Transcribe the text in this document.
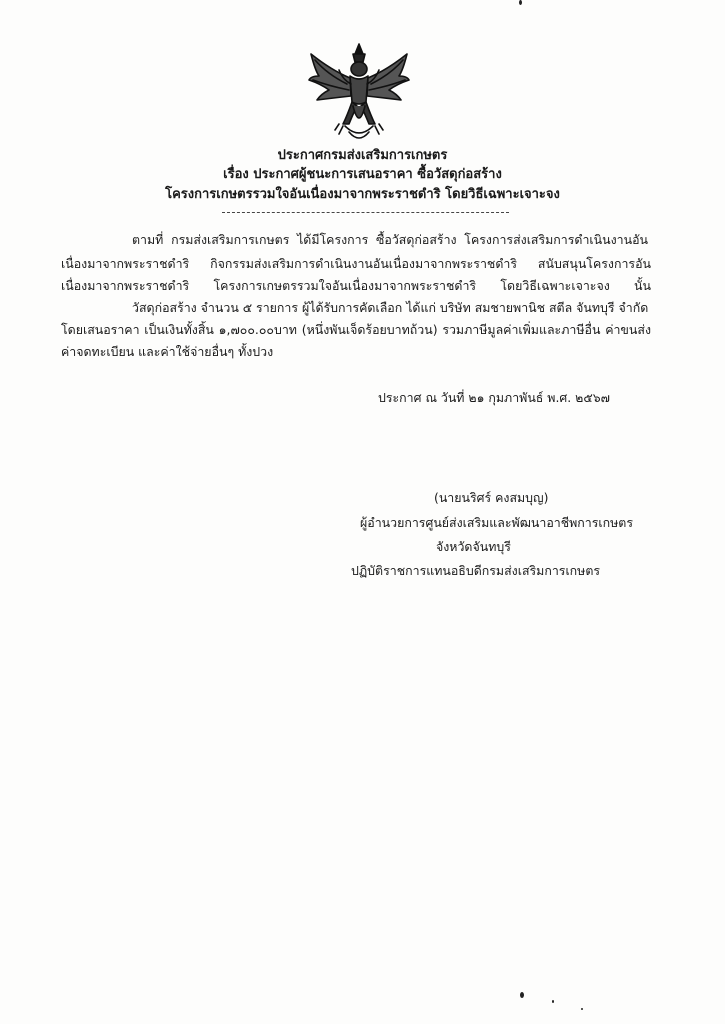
ประกาศกรมส่งเสริมการเกษตร
เรื่อง ประกาศผู้ชนะการเสนอราคา ซื้อวัสดุก่อสร้าง
โครงการเกษตรรวมใจอันเนื่องมาจากพระราชดำริ โดยวิธีเฉพาะเจาะจง
ตามที่ กรมส่งเสริมการเกษตร ได้มีโครงการ ซื้อวัสดุก่อสร้าง โครงการส่งเสริมการดำเนินงานอัน
เนื่องมาจากพระราชดำริ กิจกรรมส่งเสริมการดำเนินงานอันเนื่องมาจากพระราชดำริ สนับสนุนโครงการอัน
เนื่องมาจากพระราชดำริ โครงการเกษตรรวมใจอันเนื่องมาจากพระราชดำริ โดยวิธีเฉพาะเจาะจง นั้น
วัสดุก่อสร้าง จำนวน ๕ รายการ ผู้ได้รับการคัดเลือก ได้แก่ บริษัท สมชายพานิช สตีล จันทบุรี จำกัด
โดยเสนอราคา เป็นเงินทั้งสิ้น ๑,๗๐๐.๐๐บาท (หนึ่งพันเจ็ดร้อยบาทถ้วน) รวมภาษีมูลค่าเพิ่มและภาษีอื่น ค่าขนส่ง
ค่าจดทะเบียน และค่าใช้จ่ายอื่นๆ ทั้งปวง
ประกาศ ณ วันที่ ๒๑ กุมภาพันธ์ พ.ศ. ๒๕๖๗
(นายนริศร์ คงสมบุญ)
ผู้อำนวยการศูนย์ส่งเสริมและพัฒนาอาชีพการเกษตร
จังหวัดจันทบุรี
ปฏิบัติราชการแทนอธิบดีกรมส่งเสริมการเกษตร
